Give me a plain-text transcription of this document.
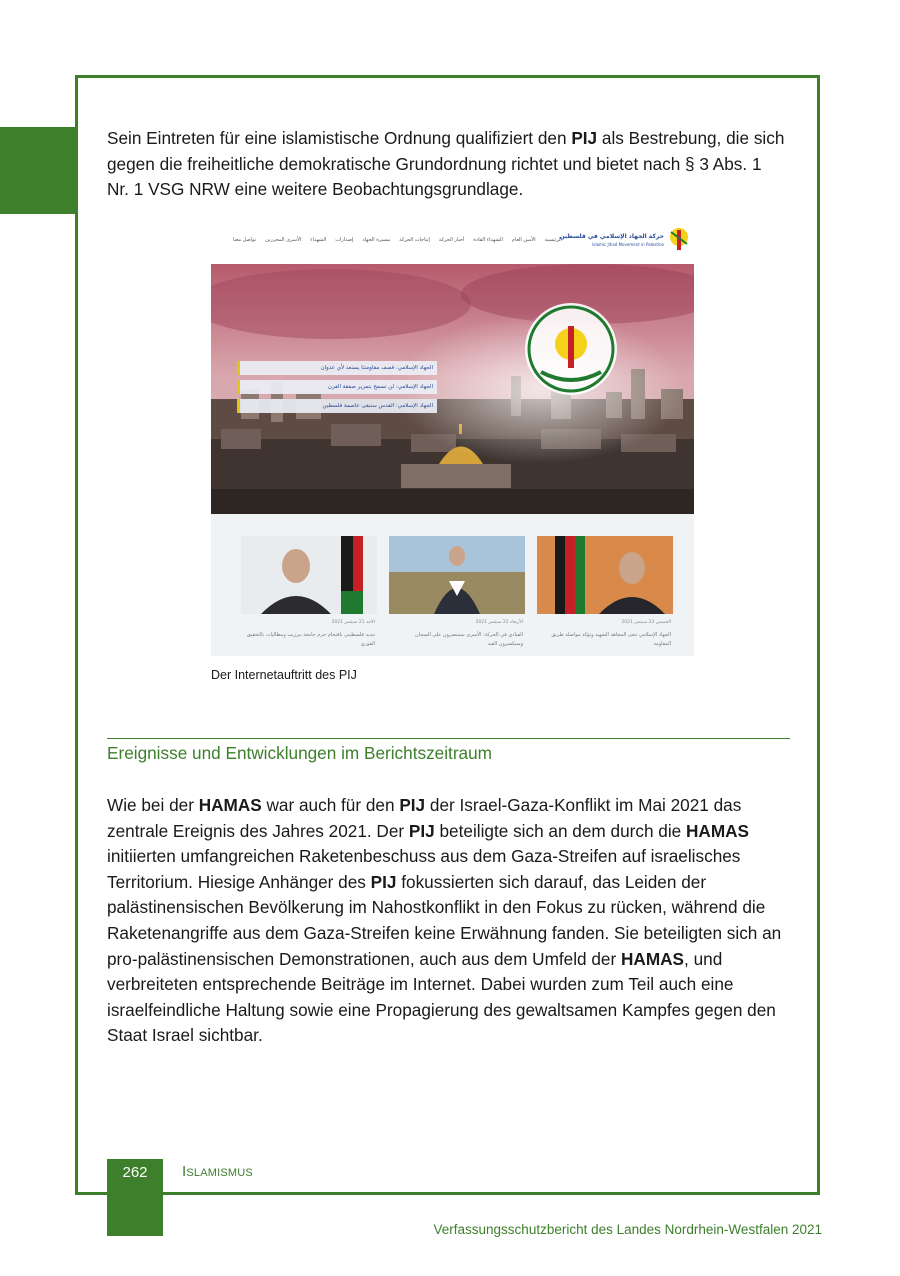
Sein Eintreten für eine islamistische Ordnung qualifiziert den PIJ als Bestrebung, die sich gegen die freiheitliche demokratische Grundordnung richtet und bietet nach § 3 Abs. 1 Nr. 1 VSG NRW eine weitere Beobachtungsgrundlage.

تواصل معنا الأسرى المحررين الشهداء إصدارات مسيرة الجهاد إنتاجات الحركة أخبار الحركة الشهداء القادة الأمين العام الرئيسية
حركة الجهاد الإسلامي في فلسطين
Islamic Jihad Movement in Palestine
الجهاد الإسلامي: قصف مقاومتنا يستعد لأي عدوان
الجهاد الإسلامي: لن نسمح بتمرير صفقة القرن
الجهاد الإسلامي: القدس ستبقى عاصمة فلسطين
الأحد 21 سبتمبر 2021
تنديد فلسطيني باقتحام حرم جامعة بيرزيت ومطالبات بالتحقيق الفوري
الأربعاء 22 سبتمبر 2021
القيادي في الحركة: الأسرى سينتصرون على السجان وسيكسرون القيد
الخميس 23 سبتمبر 2021
الجهاد الإسلامي تنعى المجاهد الشهيد وتؤكد مواصلة طريق المقاومة
Der Internetauftritt des PIJ
Ereignisse und Entwicklungen im Berichtszeitraum

Wie bei der HAMAS war auch für den PIJ der Israel-Gaza-Konflikt im Mai 2021 das zentrale Ereignis des Jahres 2021. Der PIJ beteiligte sich an dem durch die HAMAS initiierten umfangreichen Raketenbeschuss aus dem Gaza-Streifen auf israelisches Territorium. Hiesige Anhänger des PIJ fokussierten sich darauf, das Leiden der palästinensischen Bevölkerung im Nahostkonflikt in den Fokus zu rücken, während die Raketenangriffe aus dem Gaza-Streifen keine Erwähnung fanden. Sie beteiligten sich an pro-palästinensischen Demonstrationen, auch aus dem Umfeld der HAMAS, und verbreiteten entsprechende Beiträge im Internet. Dabei wurden zum Teil auch eine israelfeindliche Haltung sowie eine Propagierung des gewaltsamen Kampfes gegen den Staat Israel sichtbar.

262	Islamismus
Verfassungsschutzbericht des Landes Nordrhein-Westfalen 2021
